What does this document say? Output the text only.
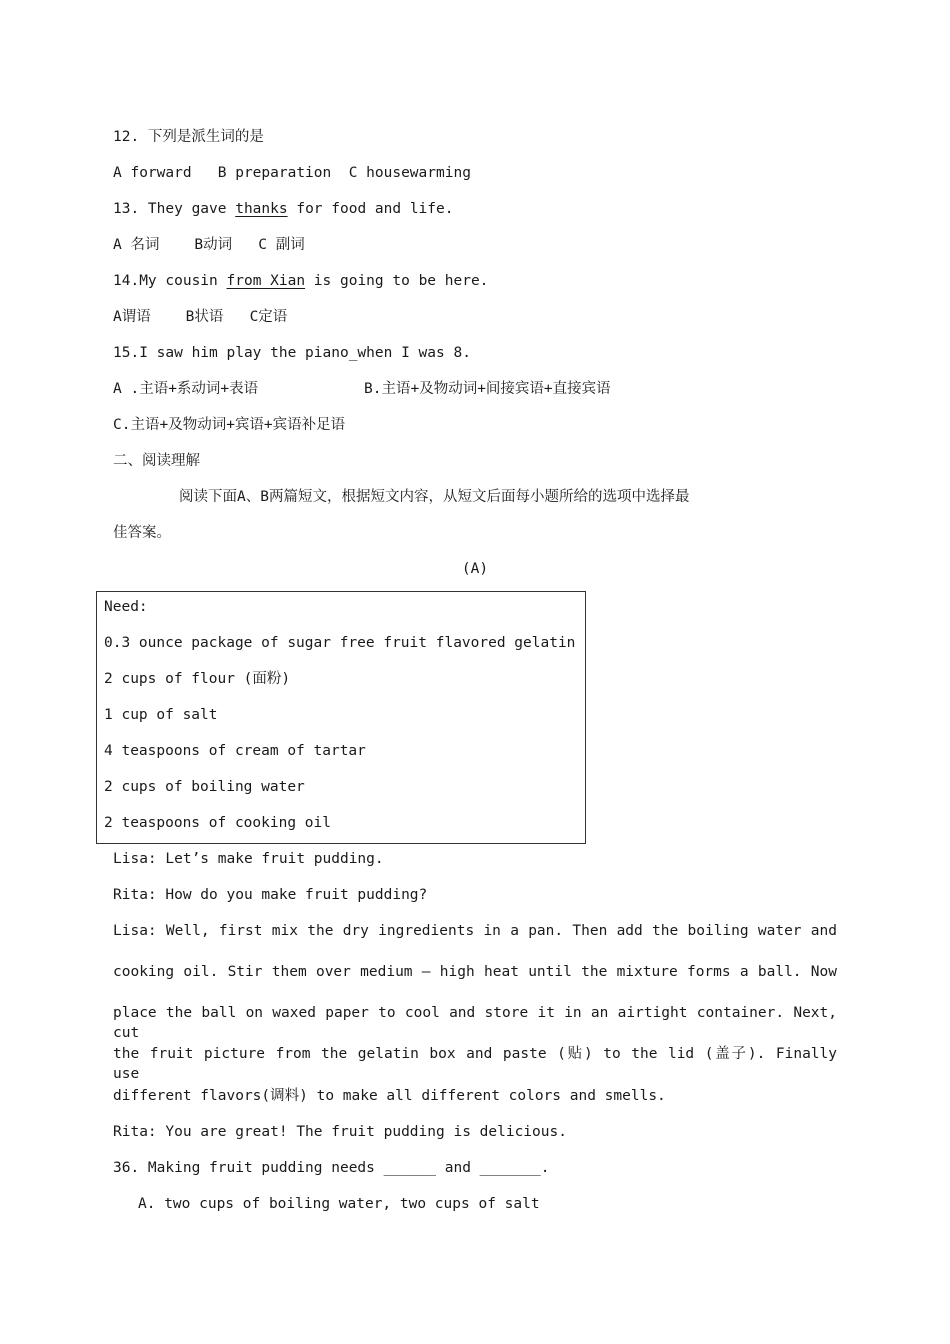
12. 下列是派生词的是
A forward   B preparation  C housewarming
13. They gave thanks for food and life.
A 名词    B动词   C 副词
14.My cousin from Xian is going to be here.
A谓语    B状语   C定语
15.I saw him play the piano_when I was 8.
A .主语+系动词+表语	B.主语+及物动词+间接宾语+直接宾语
C.主语+及物动词+宾语+宾语补足语
二、阅读理解
阅读下面A、B两篇短文，根据短文内容，从短文后面每小题所给的选项中选择最
佳答案。
(A)
Need:
0.3 ounce package of sugar free fruit flavored gelatin
2 cups of flour (面粉)
1 cup of salt
4 teaspoons of cream of tartar
2 cups of boiling water
2 teaspoons of cooking oil
Lisa: Let’s make fruit pudding.
Rita: How do you make fruit pudding?
Lisa: Well, first mix the dry ingredients in a pan. Then add the boiling water and
cooking oil. Stir them over medium – high heat until the mixture forms a ball. Now
place the ball on waxed paper to cool and store it in an airtight container. Next, cut
the fruit picture from the gelatin box and paste (贴) to the lid (盖子). Finally use
different flavors(调料) to make all different colors and smells.
Rita: You are great! The fruit pudding is delicious.
36. Making fruit pudding needs ______ and _______.
A. two cups of boiling water, two cups of salt
